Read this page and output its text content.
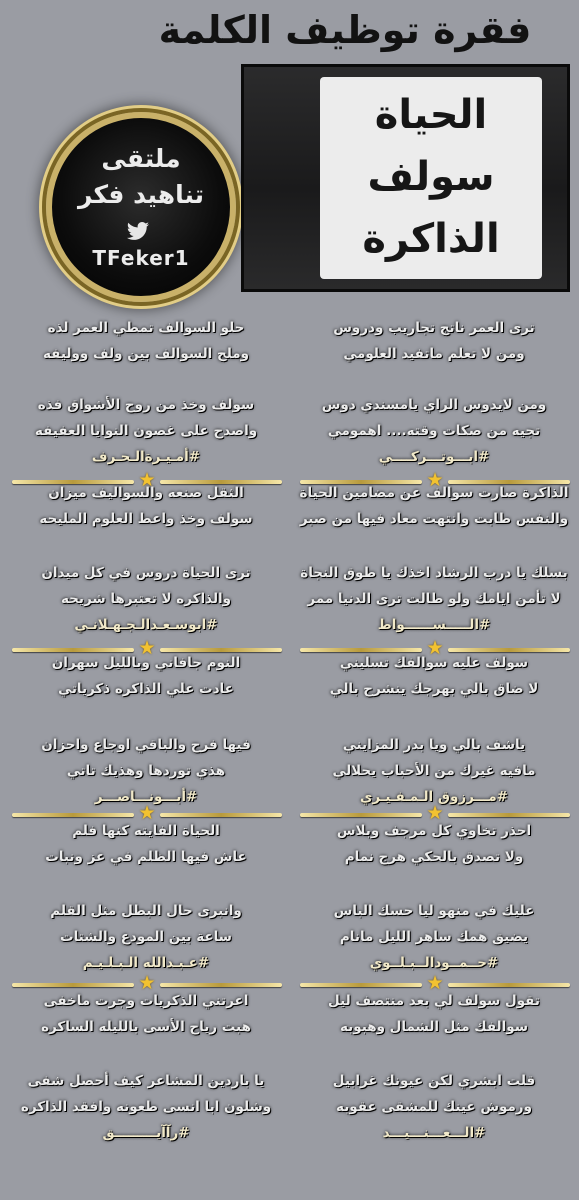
فقرة توظيف الكلمة
ملتقى
تناهيد فكر
TFeker1
الحياة
سولف
الذاكرة
ترى العمر ناتج تجاريب ودروس
ومن لا تعلم ماتفيد العلومي
ومن لايدوس الراي يامسندي دوس
تجيه من صكات وقته.... اهمومي
#ابـــوتـــركــــي
الذاكرة صارت سوالف عن مضامين الحياة
والنفس طابت وانتهت معاد فيها من صبر
بسلك يا درب الرشاد اخذك يا طوق النجاة
لا تأمن ايامك ولو طالت ترى الدنيا ممر
#الـــــســــــواط
سولف عليه سوالفك تسليني
لا ضاق بالي بهرجك ينشرح بالي
ياشف بالي ويا بدر المزايني
مافيه غيرك من الأحباب يحلالي
#مـــرزوق الـمـفـيـري
احذر تخاوي كل مرجف وبلاس
ولا تصدق بالحكي هرج نمام
عليك في منهو ليا حسك الباس
يضيق همك ساهر الليل مانام
#حــمــودالــبـلــوي
تقول سولف لي بعد منتصف ليل
سوالفك مثل الشمال وهبوبه
قلت ابشري لكن عيونك غرابيل
ورموش عينك للمشقى عقوبه
#الـــعـــنـــيـــد
حلو السوالف تمطي العمر لذه
وملح السوالف بين ولف ووليفه
سولف وخذ من روح الأشواق فذه
واصدح على غصون النوايا العفيفه
#أمـيـرةالـحـرف
الثقل صنعه والسواليف ميزان
سولف وخذ واعط العلوم المليحه
ترى الحياة دروس في كل ميدان
والذاكره لا تعتبرها شريحه
#ابوسـعـدالـجـهـلانـي
النوم جافاني وبالليل سهران
عادت علي الذاكره ذكرياتي
فيها فرح والباقي اوجاع واحزان
هذي توردها وهذيك تاتي
#أبـــونـــاصـــر
الحياة الفايته كنها فلم
عاش فيها الظلم في عز ونبات
وانبرى حال البطل مثل القلم
ساعة بين المودع والشتات
#عـبـدالله الـبـلـيـم
اعرتني الذكريات وجرت ماخفى
هبت رياح الأسى بالليله الساكره
يا باردين المشاعر كيف أحصل شفى
وشلون ابا انسى طعونه وافقد الذاكره
#رآآيـــــــــق
★
★
★
★
★
★
★
★
